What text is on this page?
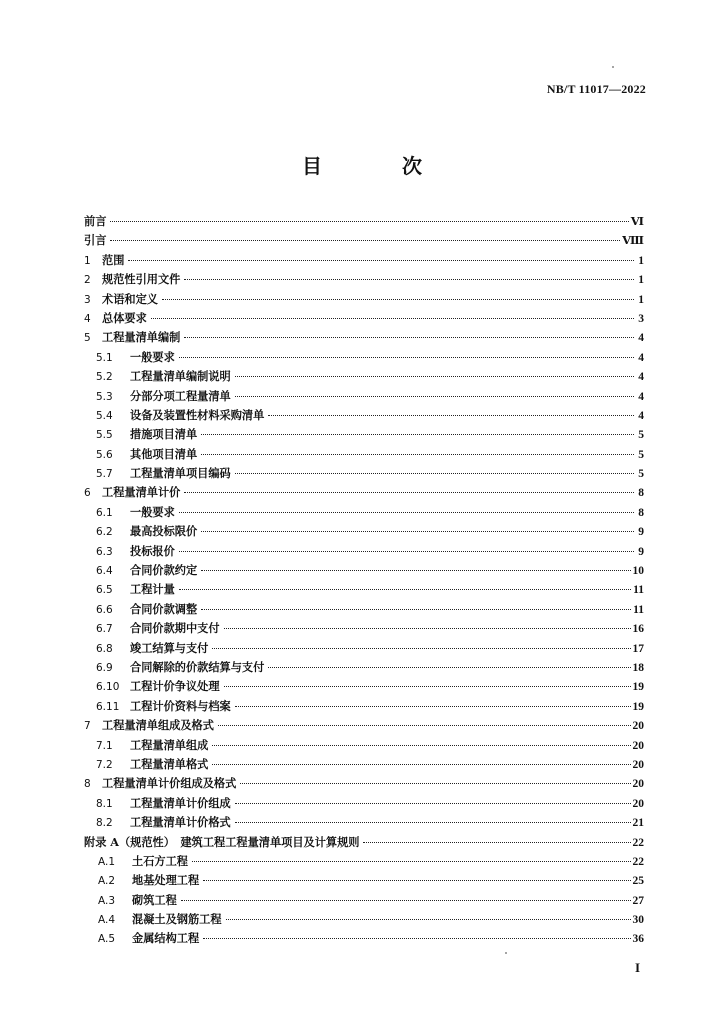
NB/T 11017—2022
目　次
前言	Ⅵ
引言	Ⅷ
1	范围	1
2	规范性引用文件	1
3	术语和定义	1
4	总体要求	3
5	工程量清单编制	4
5.1	一般要求	4
5.2	工程量清单编制说明	4
5.3	分部分项工程量清单	4
5.4	设备及装置性材料采购清单	4
5.5	措施项目清单	5
5.6	其他项目清单	5
5.7	工程量清单项目编码	5
6	工程量清单计价	8
6.1	一般要求	8
6.2	最高投标限价	9
6.3	投标报价	9
6.4	合同价款约定	10
6.5	工程计量	11
6.6	合同价款调整	11
6.7	合同价款期中支付	16
6.8	竣工结算与支付	17
6.9	合同解除的价款结算与支付	18
6.10 工程计价争议处理	19
6.11 工程计价资料与档案	19
7	工程量清单组成及格式	20
7.1	工程量清单组成	20
7.2	工程量清单格式	20
8	工程量清单计价组成及格式	20
8.1	工程量清单计价组成	20
8.2	工程量清单计价格式	21
附录 A（规范性）　建筑工程工程量清单项目及计算规则	22
A.1	土石方工程	22
A.2	地基处理工程	25
A.3	砌筑工程	27
A.4	混凝土及钢筋工程	30
A.5	金属结构工程	36
I
